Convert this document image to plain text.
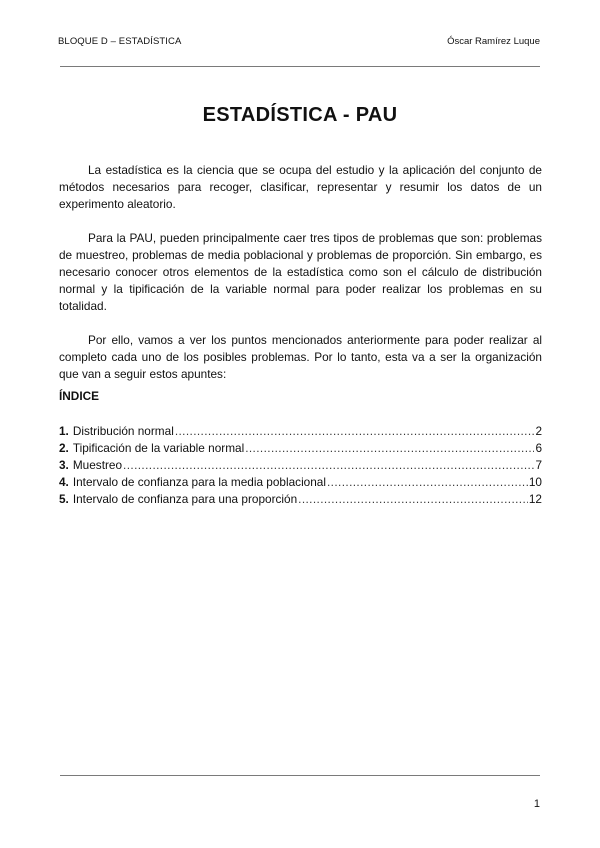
BLOQUE D – ESTADÍSTICA	Óscar Ramírez Luque
ESTADÍSTICA - PAU

La estadística es la ciencia que se ocupa del estudio y la aplicación del conjunto de métodos necesarios para recoger, clasificar, representar y resumir los datos de un experimento aleatorio.

Para la PAU, pueden principalmente caer tres tipos de problemas que son: problemas de muestreo, problemas de media poblacional y problemas de proporción. Sin embargo, es necesario conocer otros elementos de la estadística como son el cálculo de distribución normal y la tipificación de la variable normal para poder realizar los problemas en su totalidad.

Por ello, vamos a ver los puntos mencionados anteriormente para poder realizar al completo cada uno de los posibles problemas. Por lo tanto, esta va a ser la organización que van a seguir estos apuntes:

ÍNDICE
1. Distribución normal .....	2
2. Tipificación de la variable normal .....	6
3. Muestreo .....	7
4. Intervalo de confianza para la media poblacional .....	10
5. Intervalo de confianza para una proporción .....	12
1
